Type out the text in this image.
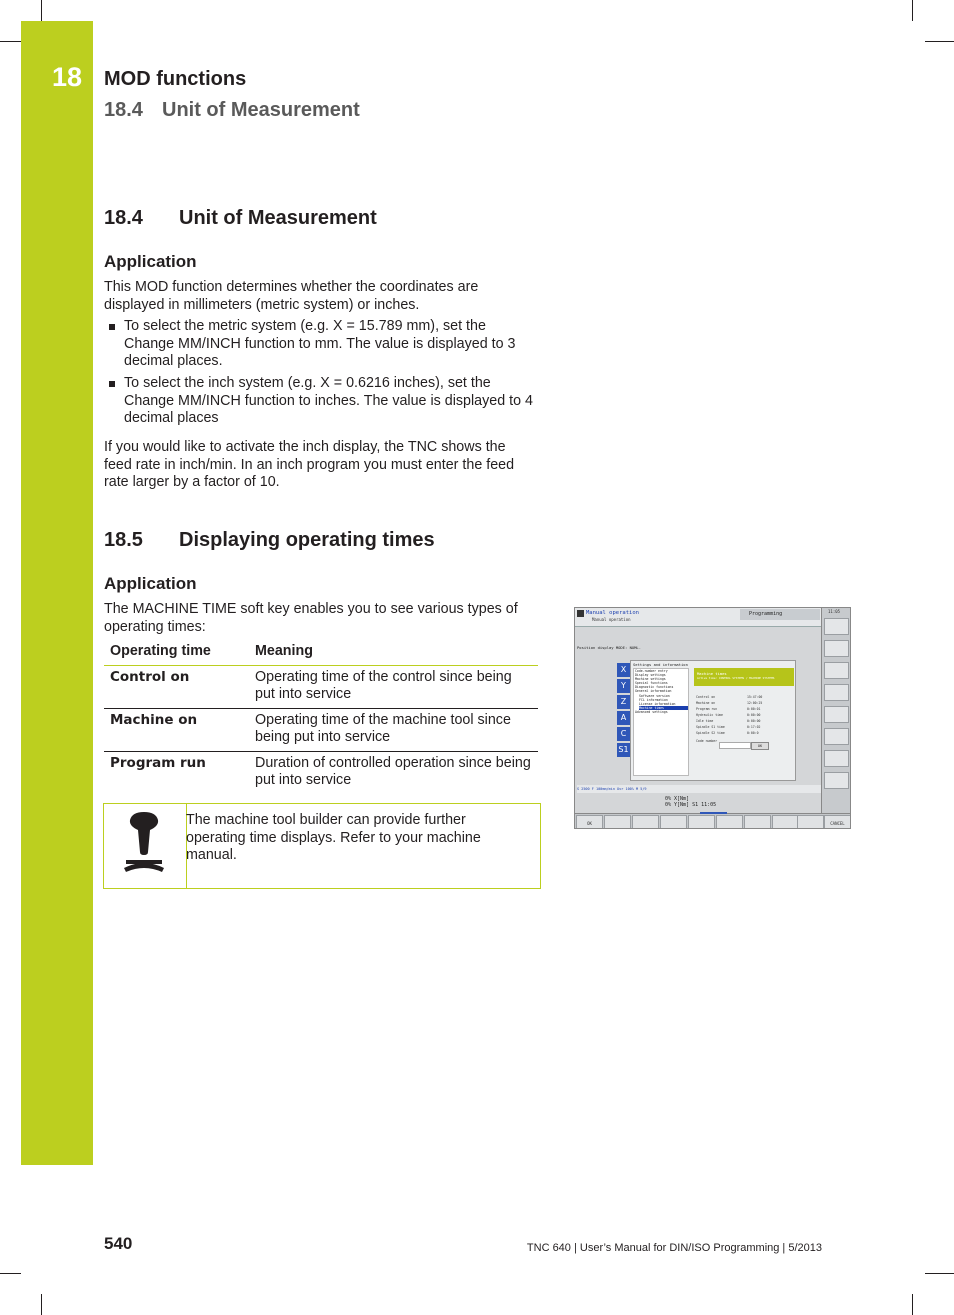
18 MOD functions
18.4 Unit of Measurement
18.4 Unit of Measurement
Application

This MOD function determines whether the coordinates are displayed in millimeters (metric system) or inches.

To select the metric system (e.g. X = 15.789 mm), set the Change MM/INCH function to mm. The value is displayed to 3 decimal places.
To select the inch system (e.g. X = 0.6216 inches), set the Change MM/INCH function to inches. The value is displayed to 4 decimal places

If you would like to activate the inch display, the TNC shows the feed rate in inch/min. In an inch program you must enter the feed rate larger by a factor of 10.

18.5 Displaying operating times
Application

The MACHINE TIME soft key enables you to see various types of operating times:

Operating time	Meaning
Control on	Operating time of the control since being put into service
Machine on	Operating time of the machine tool since being put into service
Program run	Duration of controlled operation since being put into service
The machine tool builder can provide further operating time displays. Refer to your machine manual.
Manual operation
Manual operation
Programming
Position display MODE: NOML.
X
Y
Z
A
C
S1
Settings and information
Code-number entry
Display settings
Machine settings
Special functions
Diagnostic functions
General information
Software version
FCL information
License information
Machine times
Advanced settings
Machine times
Active time: CONTROL SYSTEMS / MACHINE SYSTEMS
Control on
Machine on
Program run
Hydraulic time
Idle time
Spindle S1 time
Spindle S2 time
Code number
15:47:00
12:00:25
0:00:01
0:00:00
0:00:00
0:17:02
0:00:0
OK
S 2500 F 100mm/min Ovr 100% M 5/9
0% X[Nm]
0% Y[Nm] S1 11:05
11:05
OK	CANCEL
540	TNC 640 | User’s Manual for DIN/ISO Programming | 5/2013
